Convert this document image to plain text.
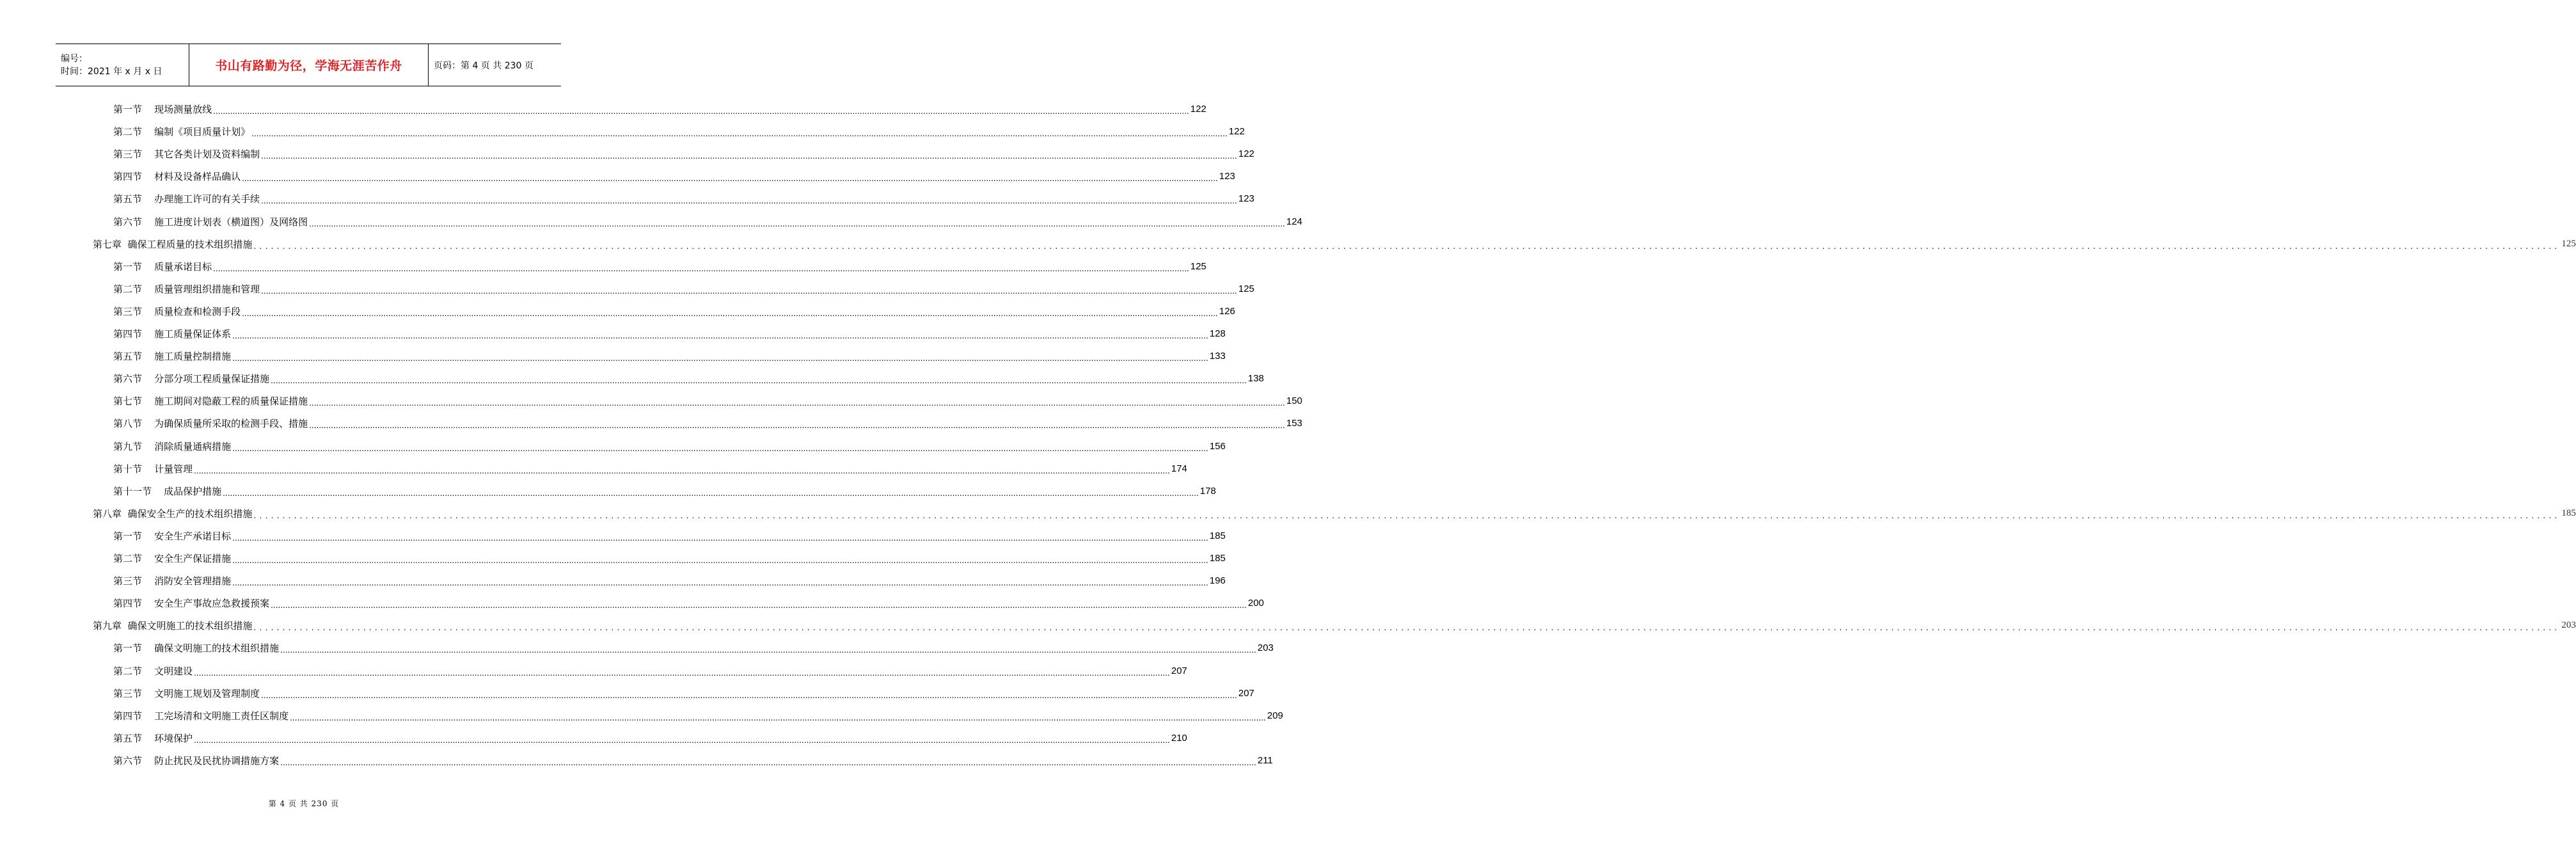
编号：
时间：2021 年 x 月 x 日	书山有路勤为径，学海无涯苦作舟	页码：第 4 页 共 230 页
第一节    现场测量放线 ................................................................................................................................................................................................................................................................................................................................................................................................................ 122
第二节    编制《项目质量计划》 ................................................................................................................................................................................................................................................................................................................................................................................................................ 122
第三节    其它各类计划及资料编制 ................................................................................................................................................................................................................................................................................................................................................................................................................ 122
第四节    材料及设备样品确认 ................................................................................................................................................................................................................................................................................................................................................................................................................ 123
第五节    办理施工许可的有关手续 ................................................................................................................................................................................................................................................................................................................................................................................................................ 123
第六节    施工进度计划表（横道图）及网络图 ................................................................................................................................................................................................................................................................................................................................................................................................................ 124
第七章  确保工程质量的技术组织措施 ................................................................................................................................................................................................................................................................................................................................................................................................................ 125
第一节    质量承诺目标 ................................................................................................................................................................................................................................................................................................................................................................................................................ 125
第二节    质量管理组织措施和管理 ................................................................................................................................................................................................................................................................................................................................................................................................................ 125
第三节    质量检查和检测手段 ................................................................................................................................................................................................................................................................................................................................................................................................................ 126
第四节    施工质量保证体系 ................................................................................................................................................................................................................................................................................................................................................................................................................ 128
第五节    施工质量控制措施 ................................................................................................................................................................................................................................................................................................................................................................................................................ 133
第六节    分部分项工程质量保证措施 ................................................................................................................................................................................................................................................................................................................................................................................................................ 138
第七节    施工期间对隐蔽工程的质量保证措施 ................................................................................................................................................................................................................................................................................................................................................................................................................ 150
第八节    为确保质量所采取的检测手段、措施 ................................................................................................................................................................................................................................................................................................................................................................................................................ 153
第九节    消除质量通病措施 ................................................................................................................................................................................................................................................................................................................................................................................................................ 156
第十节    计量管理 ................................................................................................................................................................................................................................................................................................................................................................................................................ 174
第十一节    成品保护措施 ................................................................................................................................................................................................................................................................................................................................................................................................................ 178
第八章  确保安全生产的技术组织措施 ................................................................................................................................................................................................................................................................................................................................................................................................................ 185
第一节    安全生产承诺目标 ................................................................................................................................................................................................................................................................................................................................................................................................................ 185
第二节    安全生产保证措施 ................................................................................................................................................................................................................................................................................................................................................................................................................ 185
第三节    消防安全管理措施 ................................................................................................................................................................................................................................................................................................................................................................................................................ 196
第四节    安全生产事故应急救援预案 ................................................................................................................................................................................................................................................................................................................................................................................................................ 200
第九章  确保文明施工的技术组织措施 ................................................................................................................................................................................................................................................................................................................................................................................................................ 203
第一节    确保文明施工的技术组织措施 ................................................................................................................................................................................................................................................................................................................................................................................................................ 203
第二节    文明建设 ................................................................................................................................................................................................................................................................................................................................................................................................................ 207
第三节    文明施工规划及管理制度 ................................................................................................................................................................................................................................................................................................................................................................................................................ 207
第四节    工完场清和文明施工责任区制度 ................................................................................................................................................................................................................................................................................................................................................................................................................ 209
第五节    环境保护 ................................................................................................................................................................................................................................................................................................................................................................................................................ 210
第六节    防止扰民及民扰协调措施方案 ................................................................................................................................................................................................................................................................................................................................................................................................................ 211
第 4 页 共 230 页
